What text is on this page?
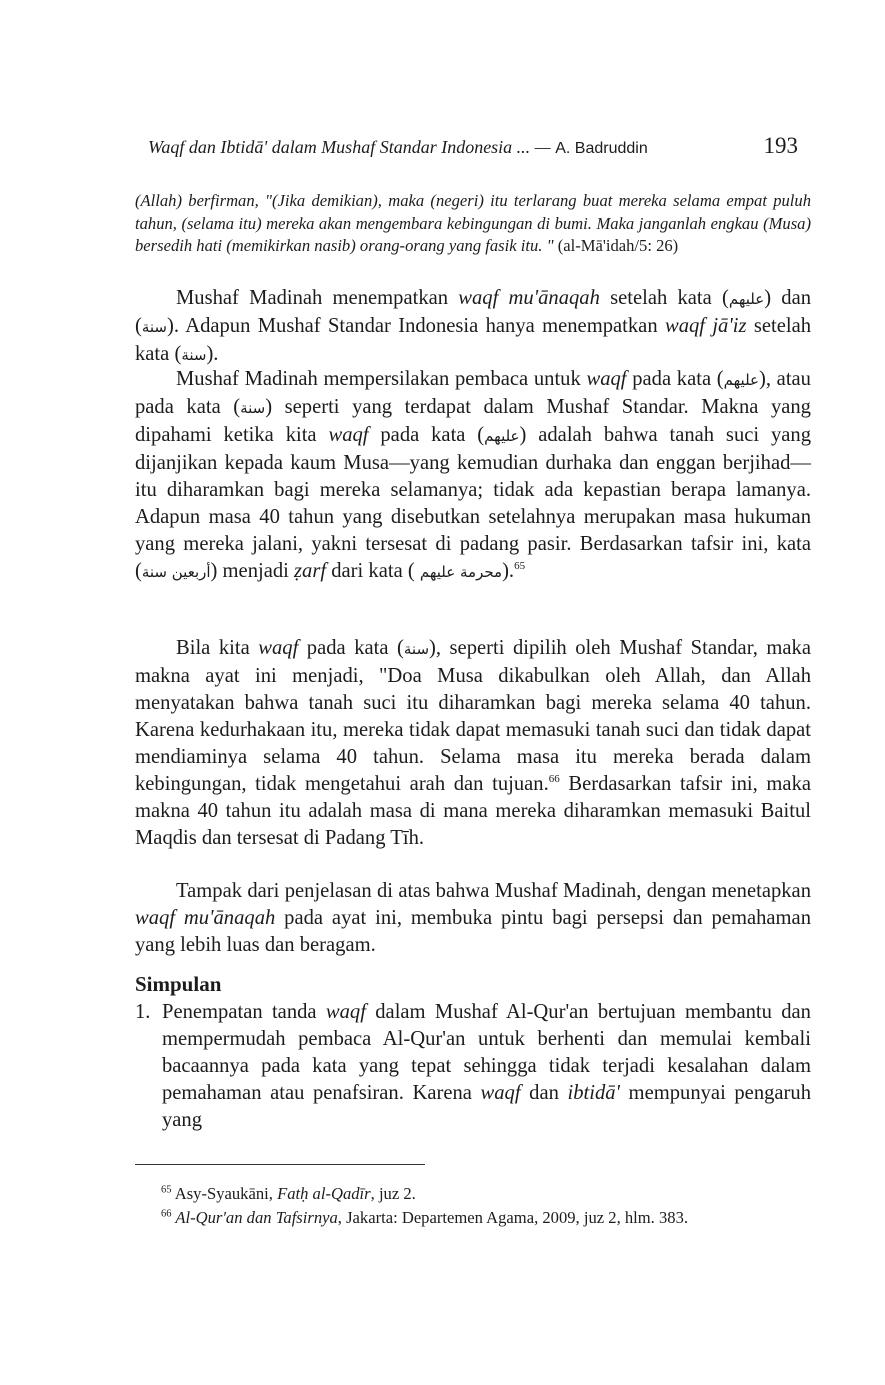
Waqf dan Ibtidā' dalam Mushaf Standar Indonesia ... — A. Badruddin	193
(Allah) berfirman, "(Jika demikian), maka (negeri) itu terlarang buat mereka selama empat puluh tahun, (selama itu) mereka akan mengembara kebingungan di bumi. Maka janganlah engkau (Musa) bersedih hati (memikirkan nasib) orang-orang yang fasik itu. " (al-Mā'idah/5: 26)

Mushaf Madinah menempatkan waqf mu'ānaqah setelah kata (عليهم) dan (سنة). Adapun Mushaf Standar Indonesia hanya menempatkan waqf jā'iz setelah kata (سنة).

Mushaf Madinah mempersilakan pembaca untuk waqf pada kata (عليهم), atau pada kata (سنة) seperti yang terdapat dalam Mushaf Standar. Makna yang dipahami ketika kita waqf pada kata (عليهم) adalah bahwa tanah suci yang dijanjikan kepada kaum Musa—yang kemudian durhaka dan enggan berjihad—itu diharamkan bagi mereka selamanya; tidak ada kepastian berapa lamanya. Adapun masa 40 tahun yang disebutkan setelahnya merupakan masa hukuman yang mereka jalani, yakni tersesat di padang pasir. Berdasarkan tafsir ini, kata (أربعين سنة) menjadi ẓarf dari kata (	محرمة عليهم ).$^{65}$

Bila kita waqf pada kata (سنة), seperti dipilih oleh Mushaf Standar, maka makna ayat ini menjadi, "Doa Musa dikabulkan oleh Allah, dan Allah menyatakan bahwa tanah suci itu diharamkan bagi mereka selama 40 tahun. Karena kedurhakaan itu, mereka tidak dapat memasuki tanah suci dan tidak dapat mendiaminya selama 40 tahun. Selama masa itu mereka berada dalam kebingungan, tidak mengetahui arah dan tujuan.$^{66}$ Berdasarkan tafsir ini, maka makna 40 tahun itu adalah masa di mana mereka diharamkan memasuki Baitul Maqdis dan tersesat di Padang Tīh.

Tampak dari penjelasan di atas bahwa Mushaf Madinah, dengan menetapkan waqf mu'ānaqah pada ayat ini, membuka pintu bagi persepsi dan pemahaman yang lebih luas dan beragam.

Simpulan
1. Penempatan tanda waqf dalam Mushaf Al-Qur'an bertujuan membantu dan mempermudah pembaca Al-Qur'an untuk berhenti dan memulai kembali bacaannya pada kata yang tepat sehingga tidak terjadi kesalahan dalam pemahaman atau penafsiran. Karena waqf dan ibtidā' mempunyai pengaruh yang
$^{65}$ Asy-Syaukāni, Fatḥ al-Qadīr, juz 2.
$^{66}$ Al-Qur'an dan Tafsirnya, Jakarta: Departemen Agama, 2009, juz 2, hlm. 383.
